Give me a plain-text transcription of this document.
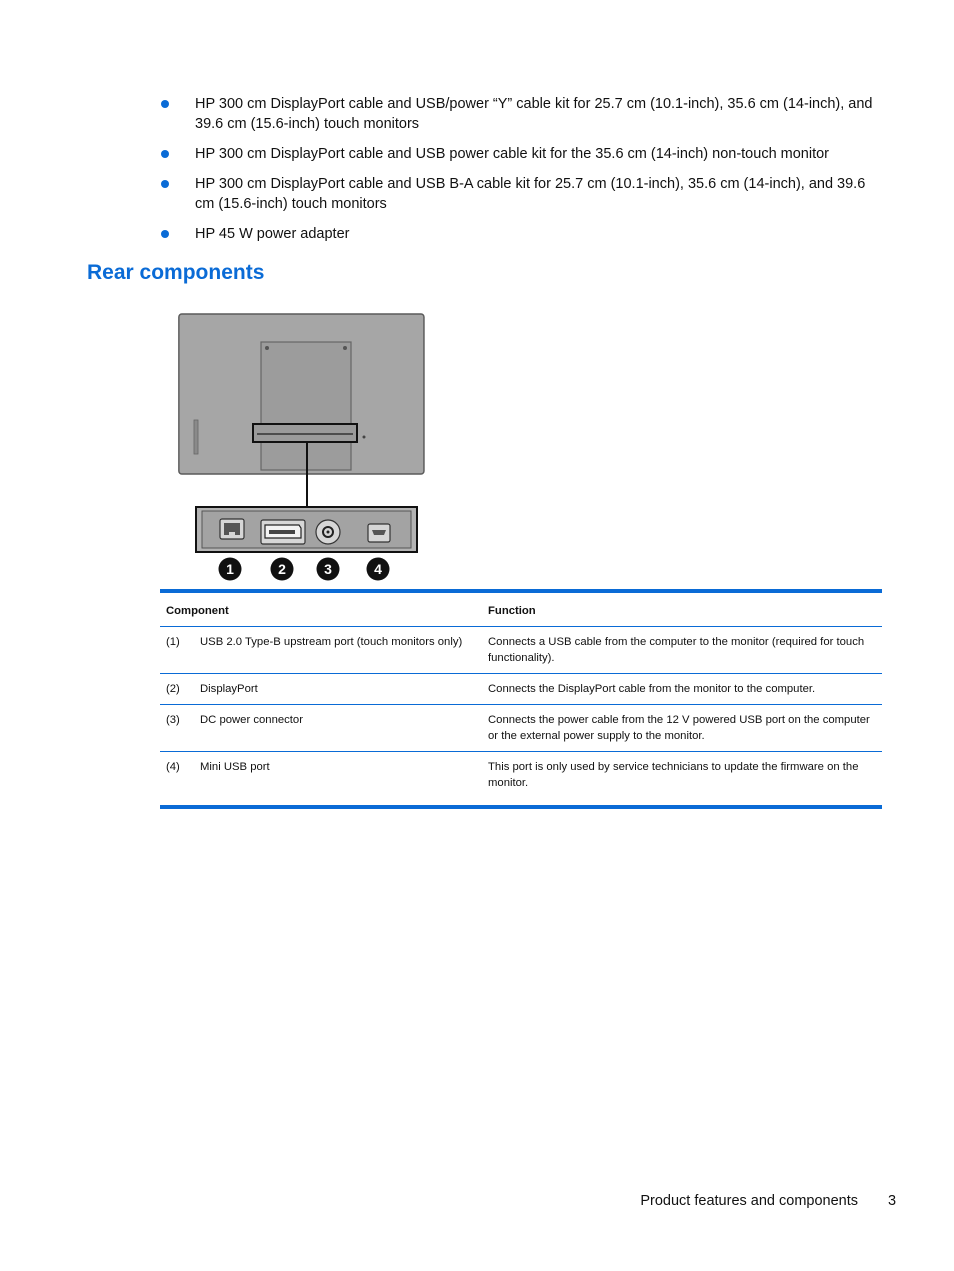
HP 300 cm DisplayPort cable and USB/power “Y” cable kit for 25.7 cm (10.1-inch), 35.6 cm (14-inch), and 39.6 cm (15.6-inch) touch monitors
HP 300 cm DisplayPort cable and USB power cable kit for the 35.6 cm (14-inch) non-touch monitor
HP 300 cm DisplayPort cable and USB B-A cable kit for 25.7 cm (10.1-inch), 35.6 cm (14-inch), and 39.6 cm (15.6-inch) touch monitors
HP 45 W power adapter
Rear components
1	2	3	4
Component		Function
(1)	USB 2.0 Type-B upstream port (touch monitors only)	Connects a USB cable from the computer to the monitor (required for touch functionality).
(2)	DisplayPort	Connects the DisplayPort cable from the monitor to the computer.
(3)	DC power connector	Connects the power cable from the 12 V powered USB port on the computer or the external power supply to the monitor.
(4)	Mini USB port	This port is only used by service technicians to update the firmware on the monitor.
Product features and components 3
